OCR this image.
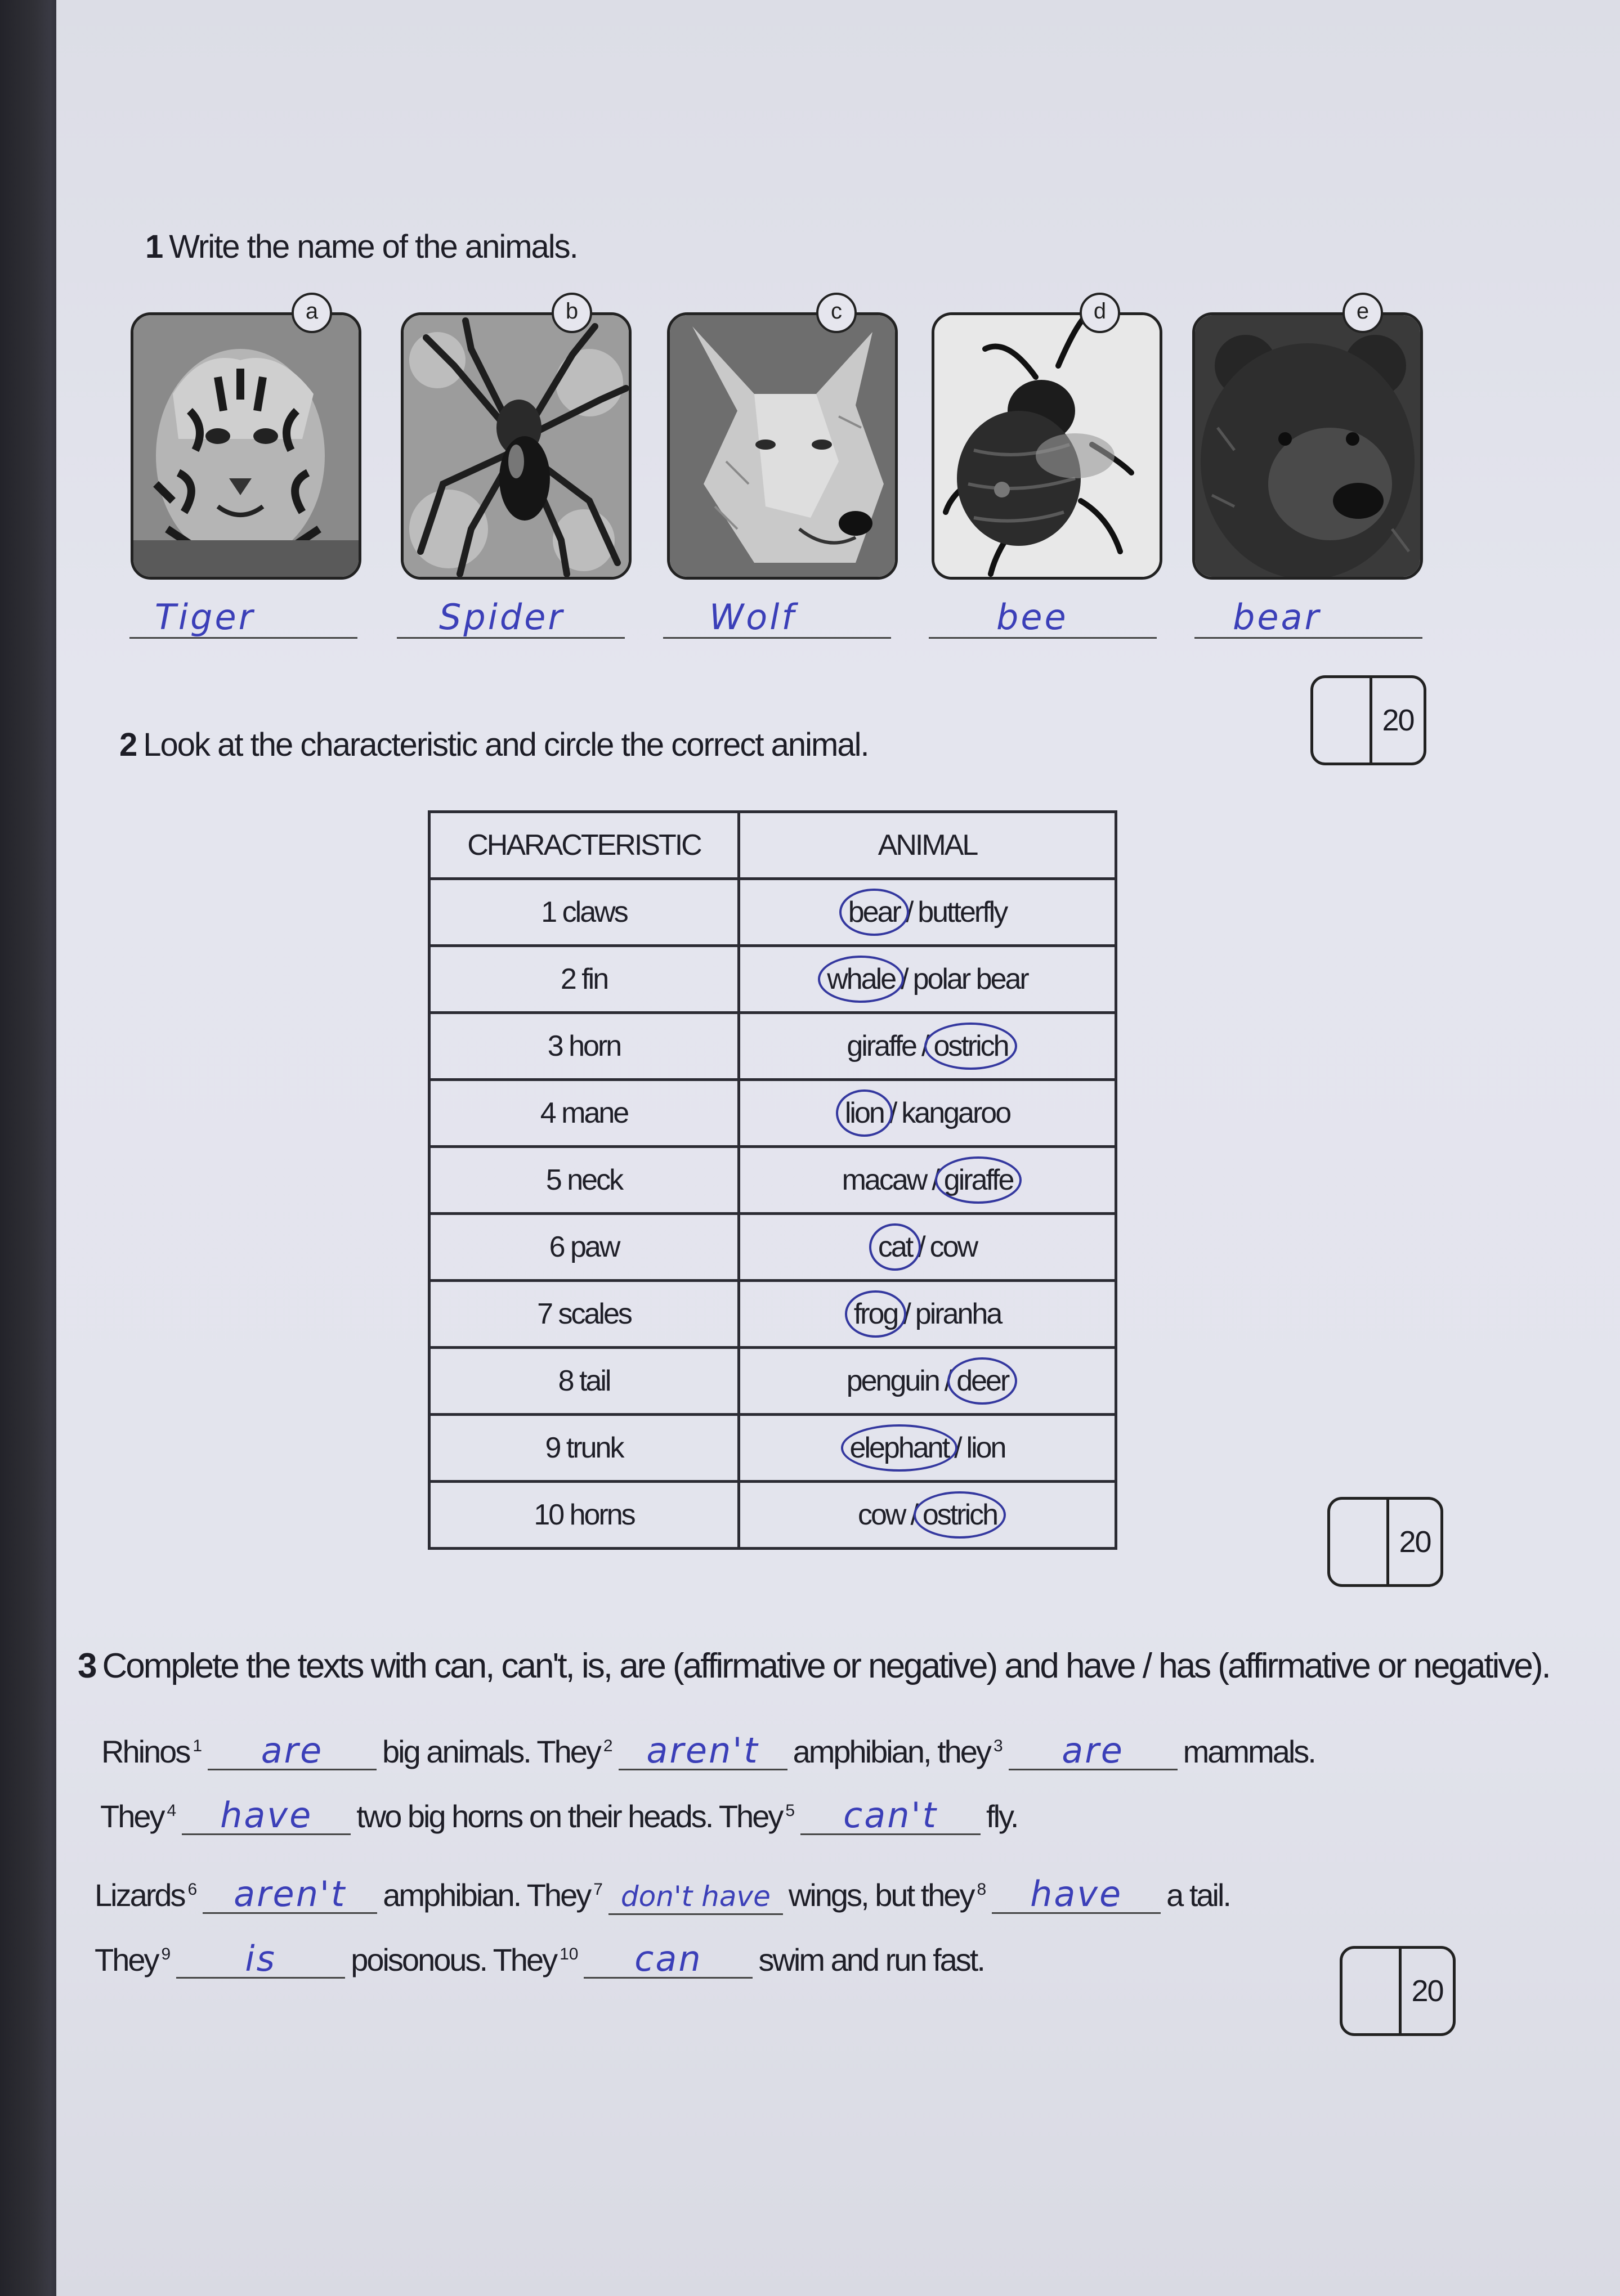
1 Write the name of the animals.
a	b	c	d	e
Tiger	Spider	Wolf	bee	bear
20
2 Look at the characteristic and circle the correct animal.
CHARACTERISTIC	ANIMAL
1 claws	bear / butterfly
2 fin	whale / polar bear
3 horn	giraffe / ostrich
4 mane	lion / kangaroo
5 neck	macaw / giraffe
6 paw	cat / cow
7 scales	frog / piranha
8 tail	penguin / deer
9 trunk	elephant / lion
10 horns	cow / ostrich
20
3 Complete the texts with can, can't, is, are (affirmative or negative) and have / has (affirmative or negative).
Rhinos $^1$ are big animals. They $^2$ aren't amphibian, they $^3$ are mammals.
They $^4$ have two big horns on their heads. They $^5$ can't fly.
Lizards $^6$ aren't amphibian. They $^7$ don't have wings, but they $^8$ have a tail.
They $^9$ is poisonous. They $^{10}$ can swim and run fast.
20
